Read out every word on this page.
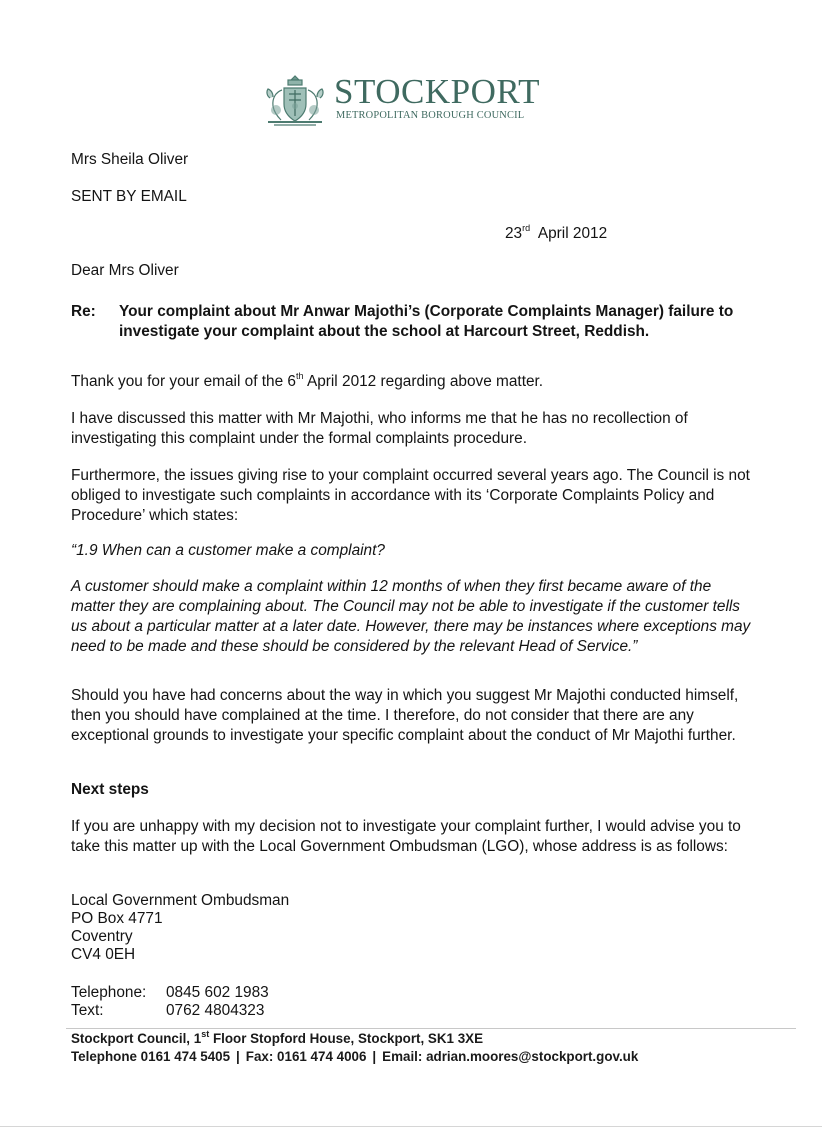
STOCKPORT
METROPOLITAN BOROUGH COUNCIL
Mrs Sheila Oliver
SENT BY EMAIL
23rd April 2012
Dear Mrs Oliver
Re: Your complaint about Mr Anwar Majothi’s (Corporate Complaints Manager) failure to investigate your complaint about the school at Harcourt Street, Reddish.
Thank you for your email of the 6th April 2012 regarding above matter.
I have discussed this matter with Mr Majothi, who informs me that he has no recollection of investigating this complaint under the formal complaints procedure.
Furthermore, the issues giving rise to your complaint occurred several years ago. The Council is not obliged to investigate such complaints in accordance with its ‘Corporate Complaints Policy and Procedure’ which states:
“1.9 When can a customer make a complaint?
A customer should make a complaint within 12 months of when they first became aware of the matter they are complaining about. The Council may not be able to investigate if the customer tells us about a particular matter at a later date. However, there may be instances where exceptions may need to be made and these should be considered by the relevant Head of Service.”
Should you have had concerns about the way in which you suggest Mr Majothi conducted himself, then you should have complained at the time. I therefore, do not consider that there are any exceptional grounds to investigate your specific complaint about the conduct of Mr Majothi further.
Next steps
If you are unhappy with my decision not to investigate your complaint further, I would advise you to take this matter up with the Local Government Ombudsman (LGO), whose address is as follows:
Local Government Ombudsman
PO Box 4771
Coventry
CV4 0EH
Telephone: 0845 602 1983
Text:	0762 4804323
Stockport Council, 1st Floor Stopford House, Stockport, SK1 3XE
Telephone 0161 474 5405 | Fax: 0161 474 4006 | Email: adrian.moores@stockport.gov.uk
